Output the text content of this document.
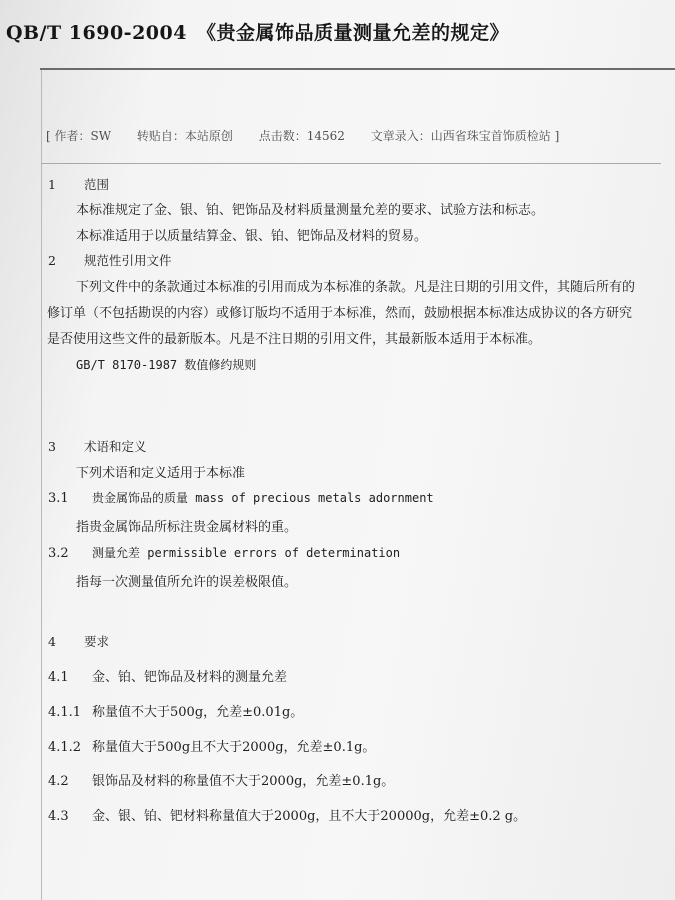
QB/T 1690-2004 《贵金属饰品质量测量允差的规定》
[ 作者：SW 转贴自：本站原创 点击数：14562 文章录入：山西省珠宝首饰质检站 ]
1 范围
本标准规定了金、银、铂、钯饰品及材料质量测量允差的要求、试验方法和标志。
本标准适用于以质量结算金、银、铂、钯饰品及材料的贸易。
2 规范性引用文件
下列文件中的条款通过本标准的引用而成为本标准的条款。凡是注日期的引用文件，其随后所有的
修订单（不包括勘误的内容）或修订版均不适用于本标准，然而，鼓励根据本标准达成协议的各方研究
是否使用这些文件的最新版本。凡是不注日期的引用文件，其最新版本适用于本标准。
GB/T 8170-1987 数值修约规则
3 术语和定义
下列术语和定义适用于本标准
3.1 贵金属饰品的质量 mass of precious metals adornment
指贵金属饰品所标注贵金属材料的重。
3.2 测量允差 permissible errors of determination
指每一次测量值所允许的误差极限值。
4 要求
4.1 金、铂、钯饰品及材料的测量允差
4.1.1 称量值不大于500g，允差±0.01g。
4.1.2 称量值大于500g且不大于2000g，允差±0.1g。
4.2 银饰品及材料的称量值不大于2000g，允差±0.1g。
4.3 金、银、铂、钯材料称量值大于2000g，且不大于20000g，允差±0.2 g。
